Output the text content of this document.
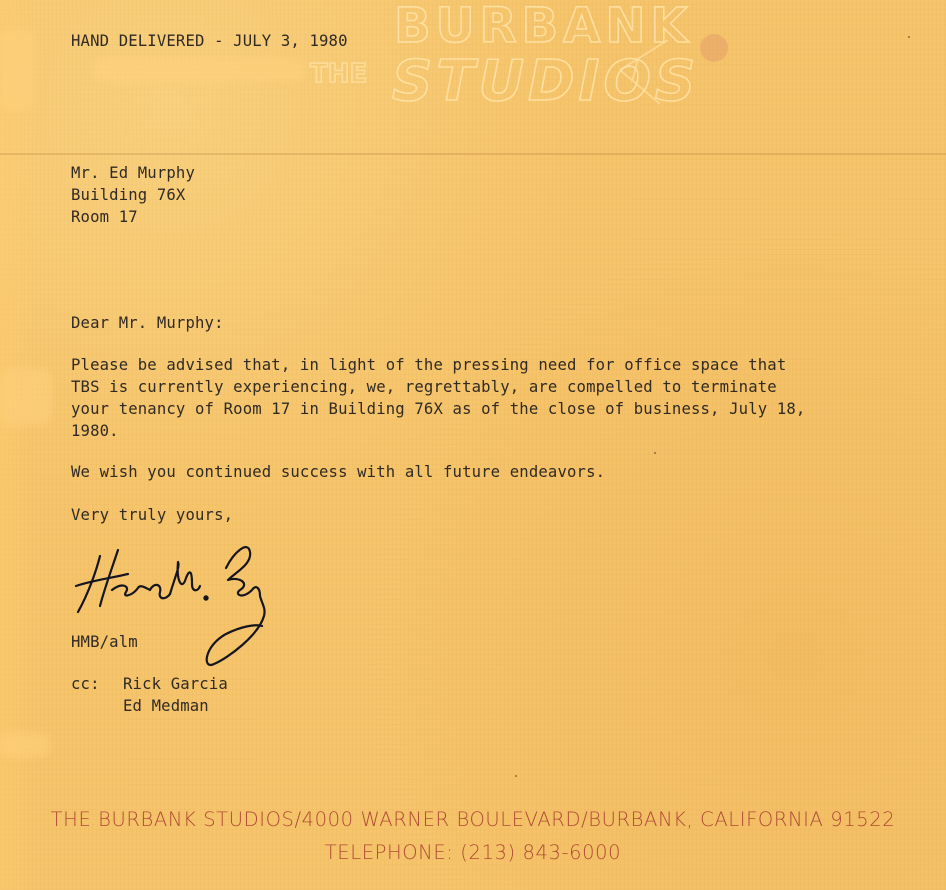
BURBANK
STUDIOS
THE
HAND DELIVERED - JULY 3, 1980
Mr. Ed Murphy
Building 76X
Room 17
Dear Mr. Murphy:
Please be advised that, in light of the pressing need for office space that
TBS is currently experiencing, we, regrettably, are compelled to terminate
your tenancy of Room 17 in Building 76X as of the close of business, July 18,
1980.
We wish you continued success with all future endeavors.
Very truly yours,
HMB/alm
cc: Rick Garcia
Ed Medman
THE BURBANK STUDIOS/4000 WARNER BOULEVARD/BURBANK, CALIFORNIA 91522
TELEPHONE: (213) 843-6000
